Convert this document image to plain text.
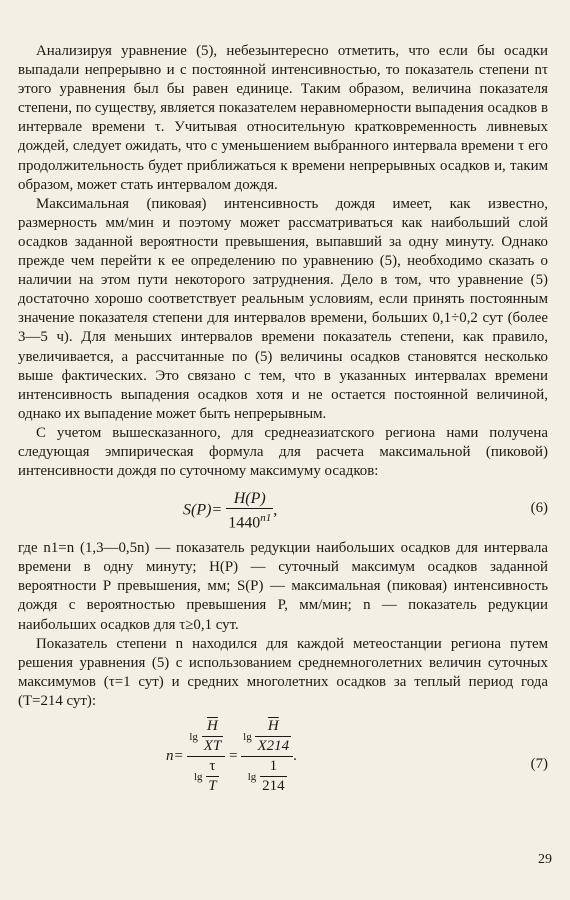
Анализируя уравнение (5), небезынтересно отметить, что если бы осадки выпадали непрерывно и с постоянной интенсивностью, то показатель степени nτ этого уравнения был бы равен единице. Таким образом, величина показателя степени, по существу, является показателем неравномерности выпадения осадков в интервале времени τ. Учитывая относительную кратковременность ливневых дождей, следует ожидать, что с уменьшением выбранного интервала времени τ его продолжительность будет приближаться к времени непрерывных осадков и, таким образом, может стать интервалом дождя.

Максимальная (пиковая) интенсивность дождя имеет, как известно, размерность мм/мин и поэтому может рассматриваться как наибольший слой осадков заданной вероятности превышения, выпавший за одну минуту. Однако прежде чем перейти к ее определению по уравнению (5), необходимо сказать о наличии на этом пути некоторого затруднения. Дело в том, что уравнение (5) достаточно хорошо соответствует реальным условиям, если принять постоянным значение показателя степени для интервалов времени, больших 0,1÷0,2 сут (более 3—5 ч). Для меньших интервалов времени показатель степени, как правило, увеличивается, а рассчитанные по (5) величины осадков становятся несколько выше фактических. Это связано с тем, что в указанных интервалах времени интенсивность выпадения осадков хотя и не остается постоянной величиной, однако их выпадение может быть непрерывным.

С учетом вышесказанного, для среднеазиатского региона нами получена следующая эмпирическая формула для расчета максимальной (пиковой) интенсивности дождя по суточному максимуму осадков:

$S(P)= \frac{H(P)}{1440^{n1}}$ ,	(6)

где n1=n (1,3—0,5n) — показатель редукции наибольших осадков для интервала времени в одну минуту; H(P) — суточный максимум осадков заданной вероятности P превышения, мм; S(P) — максимальная (пиковая) интенсивность дождя с вероятностью превышения P, мм/мин; n — показатель редукции наибольших осадков для τ≥0,1 сут.

Показатель степени n находился для каждой метеостанции региона путем решения уравнения (5) с использованием среднемноголетних величин суточных максимумов (τ=1 сут) и средних многолетних осадков за теплый период года (T=214 сут):

$n= \frac{\lg \frac{\overline{H}}{XT}}{\lg \frac{\tau}{T}} = \frac{\lg \frac{\overline{H}}{X214}}{\lg \frac{1}{214}}$ .	(7)
29
